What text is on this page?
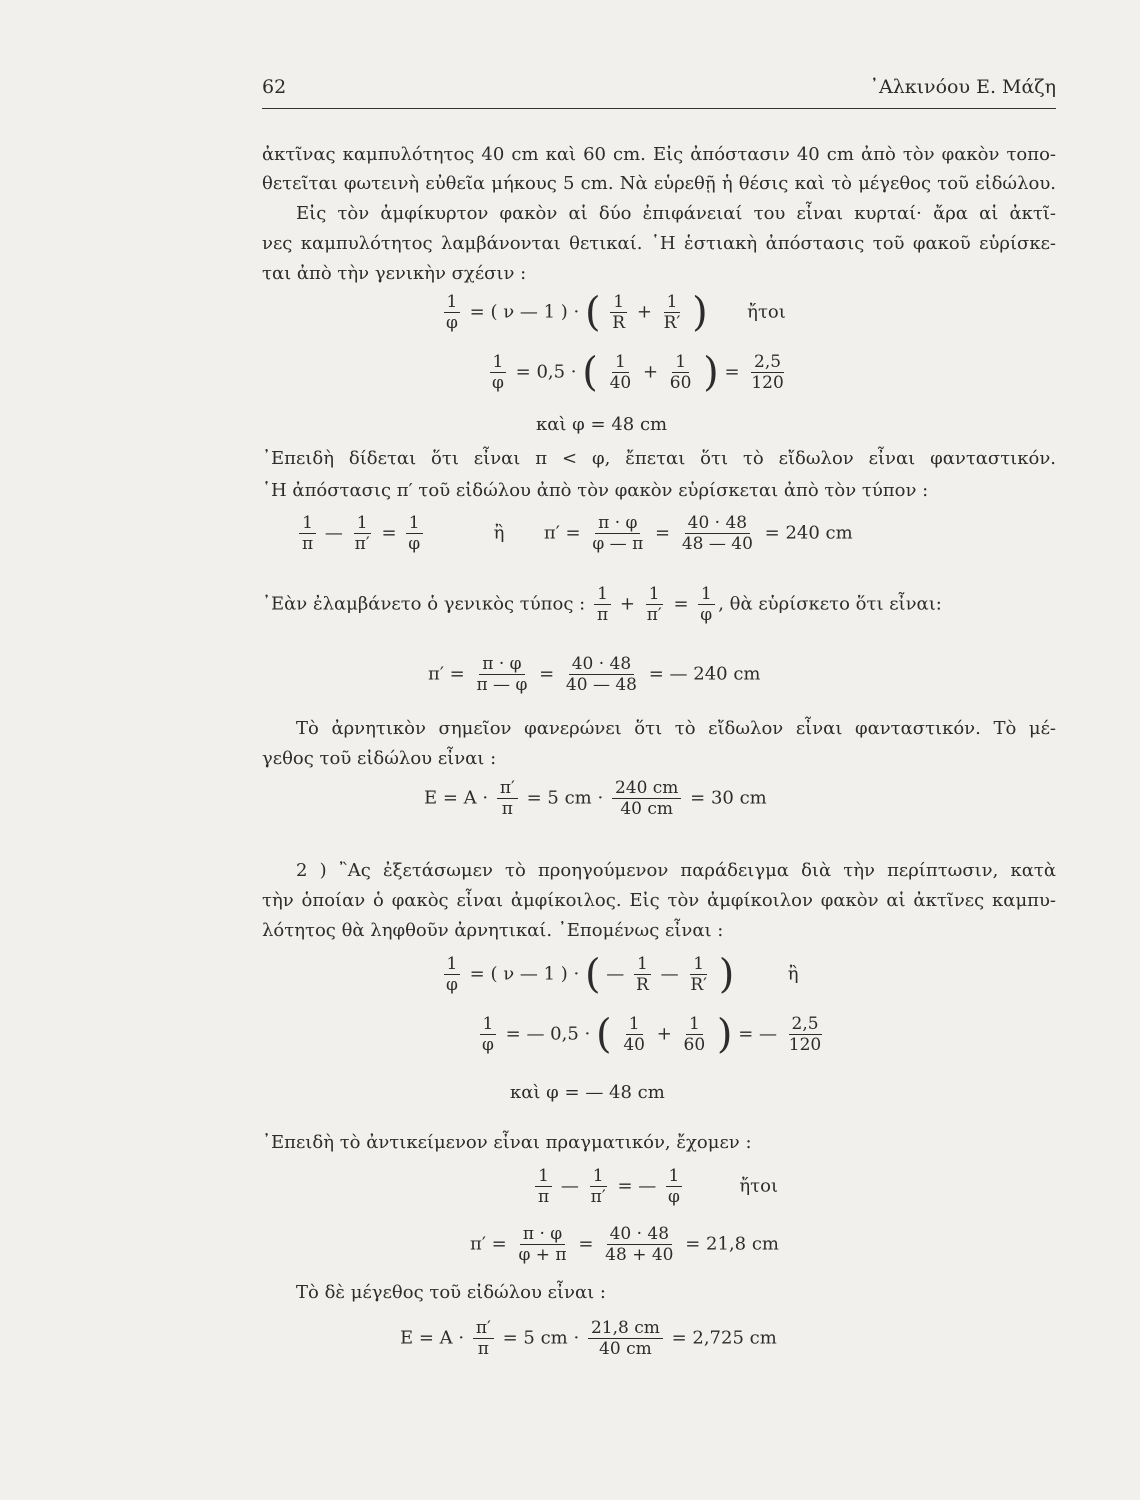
62	᾽Αλκινόου Ε. Μάζη
ἀκτῖνας καμπυλότητος 40 cm καὶ 60 cm. Εἰς ἀπόστασιν 40 cm ἀπὸ τὸν φακὸν τοπο-
θετεῖται φωτεινὴ εὐθεῖα μήκους 5 cm. Νὰ εὑρεθῇ ἡ θέσις καὶ τὸ μέγεθος τοῦ εἰδώλου.
Εἰς τὸν ἀμφίκυρτον φακὸν αἱ δύο ἐπιφάνειαί του εἶναι κυρταί· ἄρα αἱ ἀκτῖ-
νες καμπυλότητος λαμβάνονται θετικαί. ῾Η ἑστιακὴ ἀπόστασις τοῦ φακοῦ εὑρίσκε-
ται ἀπὸ τὴν γενικὴν σχέσιν :
$\frac{1}{\varphi}$ = ( ν — 1 ) · ( $\frac{1}{R} + \frac{1}{R'}$ ) ἤτοι
$\frac{1}{\varphi} = 0,5$ · ( $\frac{1}{40} + \frac{1}{60}$ ) = $\frac{2,5}{120}$
καὶ φ = 48 cm
᾽Επειδὴ δίδεται ὅτι εἶναι π < φ, ἔπεται ὅτι τὸ εἴδωλον εἶναι φανταστικόν.
῾Η ἀπόστασις π′ τοῦ εἰδώλου ἀπὸ τὸν φακὸν εὑρίσκεται ἀπὸ τὸν τύπον :
$\frac{1}{\pi}$ — $\frac{1}{\pi'} = \frac{1}{\varphi}$	ἢ $\pi' = \frac{\pi \cdot \varphi}{\varphi — \pi} = \frac{40 \cdot 48}{48 — 40} = 240$ cm
᾽Εὰν ἐλαμβάνετο ὁ γενικὸς τύπος : $\frac{1}{\pi} + \frac{1}{\pi'} = \frac{1}{\varphi}$ , θὰ εὑρίσκετο ὅτι εἶναι:
$\pi' = \frac{\pi \cdot \varphi}{\pi — \varphi} = \frac{40 \cdot 48}{40 — 48}$ = — 240 cm
Τὸ ἀρνητικὸν σημεῖον φανερώνει ὅτι τὸ εἴδωλον εἶναι φανταστικόν. Τὸ μέ-
γεθος τοῦ εἰδώλου εἶναι :
$E = A \cdot \frac{\pi'}{\pi} = 5$ cm · $\frac{240 cm}{40 cm} = 30$ cm
2 ) ῍Ας ἐξετάσωμεν τὸ προηγούμενον παράδειγμα διὰ τὴν περίπτωσιν, κατὰ
τὴν ὁποίαν ὁ φακὸς εἶναι ἀμφίκοιλος. Εἰς τὸν ἀμφίκοιλον φακὸν αἱ ἀκτῖνες καμπυ-
λότητος θὰ ληφθοῦν ἀρνητικαί. ᾽Επομένως εἶναι :
$\frac{1}{\varphi}$ = ( ν — 1 ) · ( — $\frac{1}{R}$ — $\frac{1}{R'}$ )	ἢ
$\frac{1}{\varphi}$ = — 0,5 · ( $\frac{1}{40} + \frac{1}{60}$ ) = — $\frac{2,5}{120}$
καὶ φ = — 48 cm
᾽Επειδὴ τὸ ἀντικείμενον εἶναι πραγματικόν, ἔχομεν :
$\frac{1}{\pi}$ — $\frac{1}{\pi'}$ = — $\frac{1}{\varphi}$	ἤτοι
$\pi' = \frac{\pi \cdot \varphi}{\varphi + \pi} = \frac{40 \cdot 48}{48 + 40} = 21,8$ cm
Τὸ δὲ μέγεθος τοῦ εἰδώλου εἶναι :
$E = A \cdot \frac{\pi'}{\pi} = 5$ cm · $\frac{21,8 cm}{40 cm} = 2,725$ cm
